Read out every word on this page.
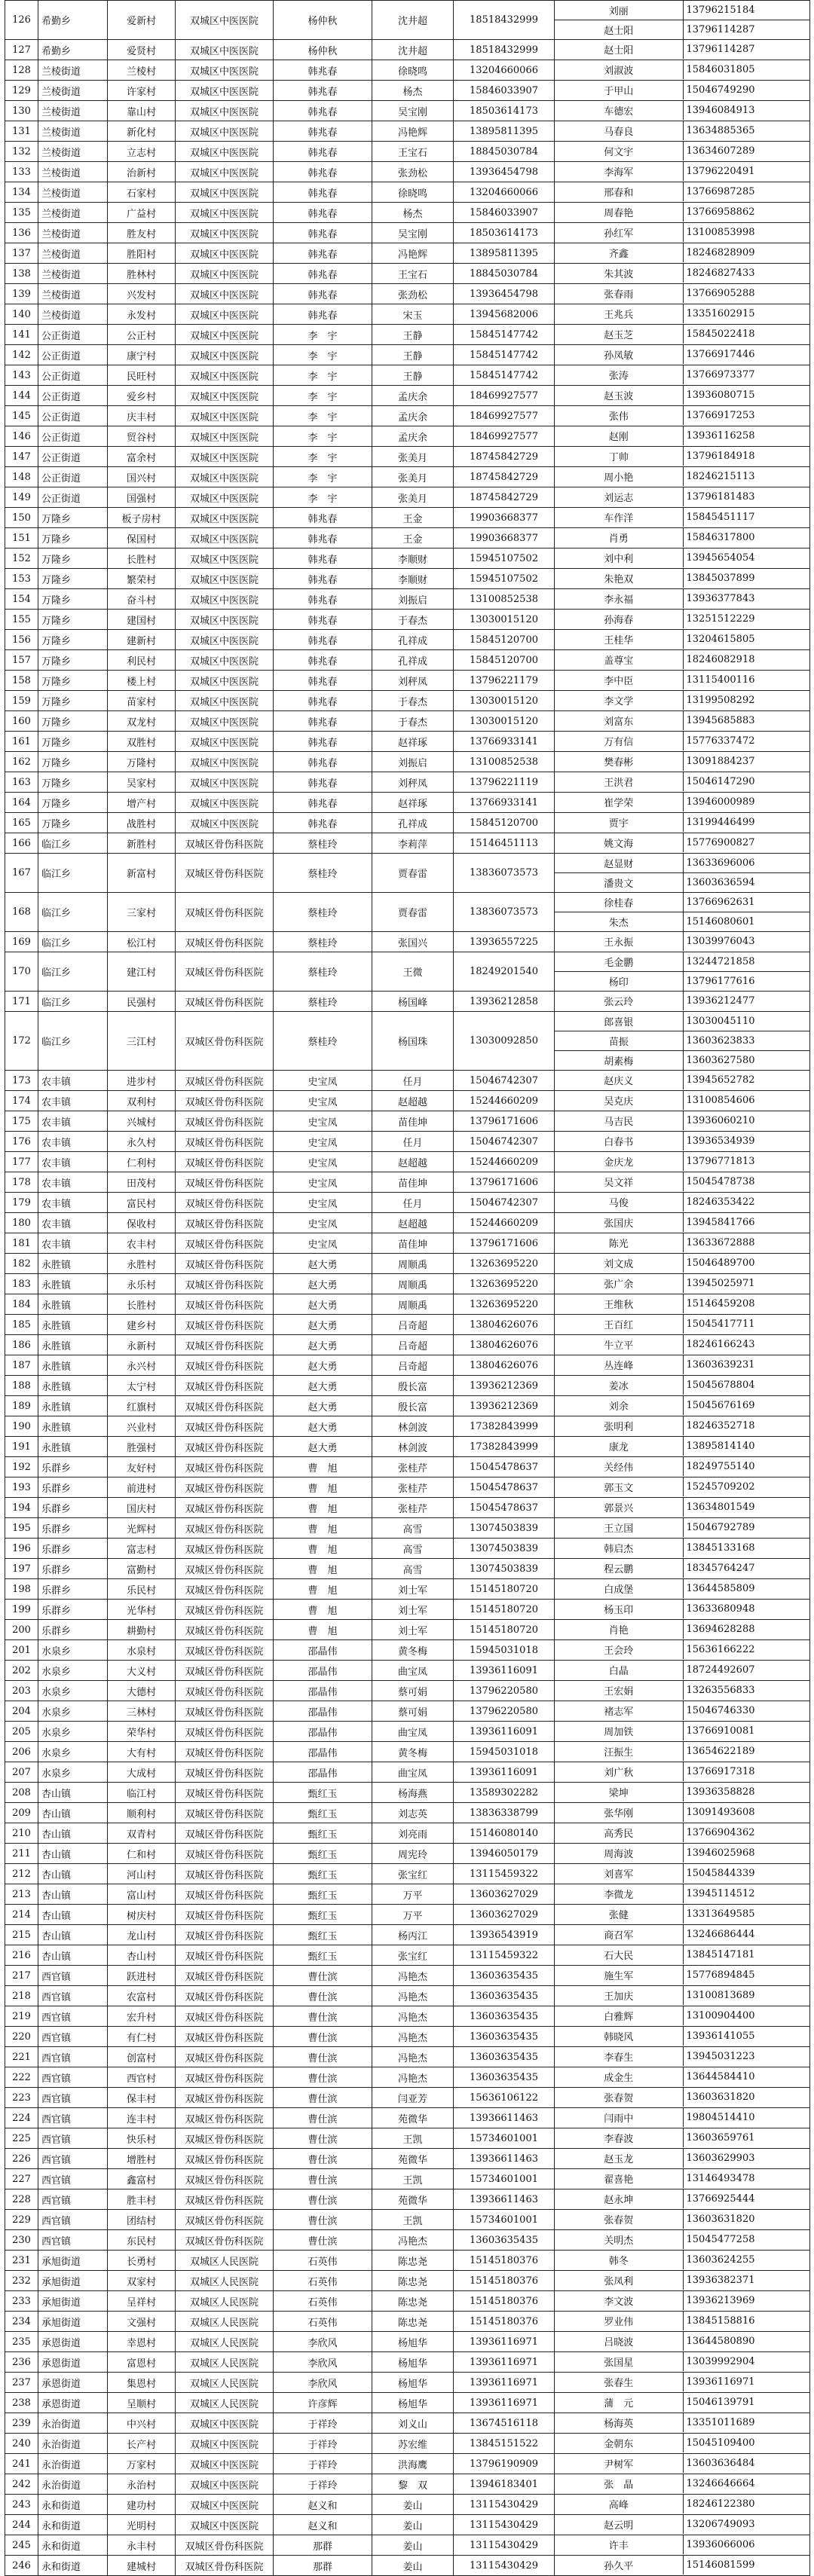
126	希勤乡	爱新村	双城区中医医院	杨仲秋	沈井超	18518432999	
刘丽	13796215184
赵士阳	13796114287

127	希勤乡	爱贤村	双城区中医医院	杨仲秋	沈井超	18518432999		赵士阳	13796114287

128	兰棱街道	兰棱村	双城区中医医院	韩兆春	徐晓鸣	13204660066		刘淑波	15846031805

129	兰棱街道	许家村	双城区中医医院	韩兆春	杨杰	15846033907		于甲山	15046749290

130	兰棱街道	靠山村	双城区中医医院	韩兆春	吴宝刚	18503614173		车德宏	13946084913

131	兰棱街道	新化村	双城区中医医院	韩兆春	冯艳辉	13895811395		马春良	13634885365

132	兰棱街道	立志村	双城区中医医院	韩兆春	王宝石	18845030784		何文宇	13634607289

133	兰棱街道	治新村	双城区中医医院	韩兆春	张劲松	13936454798		李海军	13796220491

134	兰棱街道	石家村	双城区中医医院	韩兆春	徐晓鸣	13204660066		邢春和	13766987285

135	兰棱街道	广益村	双城区中医医院	韩兆春	杨杰	15846033907		周春艳	13766958862

136	兰棱街道	胜友村	双城区中医医院	韩兆春	吴宝刚	18503614173		孙红军	13100853998

137	兰棱街道	胜阳村	双城区中医医院	韩兆春	冯艳辉	13895811395		齐鑫	18246828909

138	兰棱街道	胜林村	双城区中医医院	韩兆春	王宝石	18845030784		朱其波	18246827433

139	兰棱街道	兴发村	双城区中医医院	韩兆春	张劲松	13936454798		张春雨	13766905288

140	兰棱街道	永发村	双城区中医医院	韩兆春	宋玉	13945682006		王兆兵	13351602915

141	公正街道	公正村	双城区中医医院	李　宇	王静	15845147742		赵玉芝	15845022418

142	公正街道	康宁村	双城区中医医院	李　宇	王静	15845147742		孙凤敏	13766917446

143	公正街道	民旺村	双城区中医医院	李　宇	王静	15845147742		张涛	13766973377

144	公正街道	爱乡村	双城区中医医院	李　宇	孟庆余	18469927577		赵玉波	13936080715

145	公正街道	庆丰村	双城区中医医院	李　宇	孟庆余	18469927577		张伟	13766917253

146	公正街道	贸谷村	双城区中医医院	李　宇	孟庆余	18469927577		赵刚	13936116258

147	公正街道	富余村	双城区中医医院	李　宇	张美月	18745842729		丁帅	13796184918

148	公正街道	国兴村	双城区中医医院	李　宇	张美月	18745842729		周小艳	18246215113

149	公正街道	国强村	双城区中医医院	李　宇	张美月	18745842729		刘运志	13796181483

150	万隆乡	板子房村	双城区中医医院	韩兆春	王金	19903668377		车作洋	15845451117

151	万隆乡	保国村	双城区中医医院	韩兆春	王金	19903668377		肖勇	15846317800

152	万隆乡	长胜村	双城区中医医院	韩兆春	李顺财	15945107502		刘中利	13945654054

153	万隆乡	繁荣村	双城区中医医院	韩兆春	李顺财	15945107502		朱艳双	13845037899

154	万隆乡	奋斗村	双城区中医医院	韩兆春	刘振启	13100852538		李永福	13936377843

155	万隆乡	建国村	双城区中医医院	韩兆春	于春杰	13030015120		孙海春	13251512229

156	万隆乡	建新村	双城区中医医院	韩兆春	孔祥成	15845120700		王桂华	13204615805

157	万隆乡	利民村	双城区中医医院	韩兆春	孔祥成	15845120700		盖尊宝	18246082918

158	万隆乡	楼上村	双城区中医医院	韩兆春	刘秤凤	13796221179		李中臣	13115400116

159	万隆乡	苗家村	双城区中医医院	韩兆春	于春杰	13030015120		李文学	13199508292

160	万隆乡	双龙村	双城区中医医院	韩兆春	于春杰	13030015120		刘富东	13945685883

161	万隆乡	双胜村	双城区中医医院	韩兆春	赵祥琢	13766933141		万有信	15776337472

162	万隆乡	万隆村	双城区中医医院	韩兆春	刘振启	13100852538		樊春彬	13091884237

163	万隆乡	吴家村	双城区中医医院	韩兆春	刘秤凤	13796221119		王洪君	15046147290

164	万隆乡	增产村	双城区中医医院	韩兆春	赵祥琢	13766933141		崔学荣	13946000989

165	万隆乡	战胜村	双城区中医医院	韩兆春	孔祥成	15845120700		贾宇	13199446499

166	临江乡	新胜村	双城区骨伤科医院	蔡桂玲	李莉萍	15146451113		姚文海	15776900827

167	临江乡	新富村	双城区骨伤科医院	蔡桂玲	贾春雷	13836073573	
赵显财	13633696006
潘贵文	13603636594

168	临江乡	三家村	双城区骨伤科医院	蔡桂玲	贾春雷	13836073573	
徐桂春	13766962631
朱杰	15146080601

169	临江乡	松江村	双城区骨伤科医院	蔡桂玲	张国兴	13936557225		王永振	13039976043

170	临江乡	建江村	双城区骨伤科医院	蔡桂玲	王微	18249201540	
毛金鹏	13244721858
杨印	13796177616

171	临江乡	民强村	双城区骨伤科医院	蔡桂玲	杨国峰	13936212858		张云玲	13936212477

172	临江乡	三江村	双城区骨伤科医院	蔡桂玲	杨国珠	13030092850	
郎喜银	13030045110
苗振	13603623833
胡素梅	13603627580

173	农丰镇	进步村	双城区骨伤科医院	史宝凤	任月	15046742307		赵庆义	13945652782

174	农丰镇	双利村	双城区骨伤科医院	史宝凤	赵超越	15244660209		吴克庆	13100854606

175	农丰镇	兴城村	双城区骨伤科医院	史宝凤	苗佳坤	13796171606		马吉民	13936060210

176	农丰镇	永久村	双城区骨伤科医院	史宝凤	任月	15046742307		白春书	13936534939

177	农丰镇	仁利村	双城区骨伤科医院	史宝凤	赵超越	15244660209		金庆龙	13796771813

178	农丰镇	田茂村	双城区骨伤科医院	史宝凤	苗佳坤	13796171606		吴文祥	15045478738

179	农丰镇	富民村	双城区骨伤科医院	史宝凤	任月	15046742307		马俊	18246353422

180	农丰镇	保收村	双城区骨伤科医院	史宝凤	赵超越	15244660209		张国庆	13945841766

181	农丰镇	农丰村	双城区骨伤科医院	史宝凤	苗佳坤	13796171606		陈光	13633672888

182	永胜镇	永胜村	双城区骨伤科医院	赵大勇	周顺禹	13263695220		刘文成	15046489700

183	永胜镇	永乐村	双城区骨伤科医院	赵大勇	周顺禹	13263695220		张广余	13945025971

184	永胜镇	长胜村	双城区骨伤科医院	赵大勇	周顺禹	13263695220		王维秋	15146459208

185	永胜镇	建乡村	双城区骨伤科医院	赵大勇	吕奇超	13804626076		王百红	15045417711

186	永胜镇	永新村	双城区骨伤科医院	赵大勇	吕奇超	13804626076		牛立平	18246166243

187	永胜镇	永兴村	双城区骨伤科医院	赵大勇	吕奇超	13804626076		丛连峰	13603639231

188	永胜镇	太宁村	双城区骨伤科医院	赵大勇	殷长富	13936212369		姜冰	15045678804

189	永胜镇	红旗村	双城区骨伤科医院	赵大勇	殷长富	13936212369		刘余	15045676169

190	永胜镇	兴业村	双城区骨伤科医院	赵大勇	林剑波	17382843999		张明利	18246352718

191	永胜镇	胜强村	双城区骨伤科医院	赵大勇	林剑波	17382843999		康龙	13895814140

192	乐群乡	友好村	双城区骨伤科医院	曹　旭	张桂芹	15045478637		关经伟	18249755140

193	乐群乡	前进村	双城区骨伤科医院	曹　旭	张桂芹	15045478637		郭玉文	15245709202

194	乐群乡	国庆村	双城区骨伤科医院	曹　旭	张桂芹	15045478637		郭景兴	13634801549

195	乐群乡	光辉村	双城区骨伤科医院	曹　旭	高雪	13074503839		王立国	15046792789

196	乐群乡	富志村	双城区骨伤科医院	曹　旭	高雪	13074503839		韩启杰	13845133168

197	乐群乡	富勤村	双城区骨伤科医院	曹　旭	高雪	13074503839		程云鹏	18345764247

198	乐群乡	乐民村	双城区骨伤科医院	曹　旭	刘士军	15145180720		白成堡	13644585809

199	乐群乡	光华村	双城区骨伤科医院	曹　旭	刘士军	15145180720		杨玉印	13633680948

200	乐群乡	耕勤村	双城区骨伤科医院	曹　旭	刘士军	15145180720		肖艳	13694628288

201	水泉乡	水泉村	双城区骨伤科医院	邵晶伟	黄冬梅	15945031018		王会玲	15636166222

202	水泉乡	大义村	双城区骨伤科医院	邵晶伟	曲宝凤	13936116091		白晶	18724492607

203	水泉乡	大德村	双城区骨伤科医院	邵晶伟	蔡可娟	13796220580		王宏娟	13263556833

204	水泉乡	三林村	双城区骨伤科医院	邵晶伟	蔡可娟	13796220580		褚志军	15046746330

205	水泉乡	荣华村	双城区骨伤科医院	邵晶伟	曲宝凤	13936116091		周加铁	13766910081

206	水泉乡	大有村	双城区骨伤科医院	邵晶伟	黄冬梅	15945031018		汪振生	13654622189

207	水泉乡	大成村	双城区骨伤科医院	邵晶伟	曲宝凤	13936116091		刘广秋	13766917318

208	杏山镇	临江村	双城区骨伤科医院	甄红玉	杨海燕	13589302282		梁坤	13936358828

209	杏山镇	顺利村	双城区骨伤科医院	甄红玉	刘志英	13836338799		张华刚	13091493608

210	杏山镇	双青村	双城区骨伤科医院	甄红玉	刘亮雨	15146080140		高秀民	13766904362

211	杏山镇	仁和村	双城区骨伤科医院	甄红玉	周宪玲	13946050179		周海波	13946025968

212	杏山镇	河山村	双城区骨伤科医院	甄红玉	张宝红	13115459322		刘喜军	15045844339

213	杏山镇	富山村	双城区骨伤科医院	甄红玉	万平	13603627029		李微龙	13945114512

214	杏山镇	树庆村	双城区骨伤科医院	甄红玉	万平	13603627029		张健	13313649585

215	杏山镇	龙山村	双城区骨伤科医院	甄红玉	杨丙江	13936543919		商召军	13246686444

216	杏山镇	杏山村	双城区骨伤科医院	甄红玉	张宝红	13115459322		石大民	13845147181

217	西官镇	跃进村	双城区骨伤科医院	曹仕滨	冯艳杰	13603635435		施生军	15776894845

218	西官镇	农富村	双城区骨伤科医院	曹仕滨	冯艳杰	13603635435		王加庆	13100813689

219	西官镇	宏升村	双城区骨伤科医院	曹仕滨	冯艳杰	13603635435		白雅辉	13100904400

220	西官镇	有仁村	双城区骨伤科医院	曹仕滨	冯艳杰	13603635435		韩晓风	13936141055

221	西官镇	创富村	双城区骨伤科医院	曹仕滨	冯艳杰	13603635435		李春生	13945031223

222	西官镇	西官村	双城区骨伤科医院	曹仕滨	冯艳杰	13603635435		成金生	13644584410

223	西官镇	保丰村	双城区骨伤科医院	曹仕滨	闫亚芳	15636106122		张春贺	13603631820

224	西官镇	连丰村	双城区骨伤科医院	曹仕滨	苑微华	13936611463		闫雨中	19804514410

225	西官镇	快乐村	双城区骨伤科医院	曹仕滨	王凯	15734601001		李春波	13603659761

226	西官镇	增胜村	双城区骨伤科医院	曹仕滨	苑微华	13936611463		赵玉龙	13603629903

227	西官镇	鑫富村	双城区骨伤科医院	曹仕滨	王凯	15734601001		翟喜艳	13146493478

228	西官镇	胜丰村	双城区骨伤科医院	曹仕滨	苑微华	13936611463		赵永坤	13766925444

229	西官镇	团结村	双城区骨伤科医院	曹仕滨	王凯	15734601001		张春贺	13603631820

230	西官镇	东民村	双城区骨伤科医院	曹仕滨	冯艳杰	13603635435		关明杰	15045477258

231	承旭街道	长勇村	双城区人民医院	石英伟	陈忠尧	15145180376		韩冬	13603624255

232	承旭街道	双家村	双城区人民医院	石英伟	陈忠尧	15145180376		张凤利	13936382371

233	承旭街道	呈祥村	双城区人民医院	石英伟	陈忠尧	15145180376		李文波	13936213969

234	承旭街道	文强村	双城区人民医院	石英伟	陈忠尧	15145180376		罗业伟	13845158816

235	承恩街道	幸恩村	双城区人民医院	李欣风	杨旭华	13936116971		吕晓波	13644580890

236	承恩街道	富恩村	双城区人民医院	李欣风	杨旭华	13936116971		张国星	13039992904

237	承恩街道	集恩村	双城区人民医院	李欣风	杨旭华	13936116971		张春生	13936116971

238	承恩街道	呈顺村	双城区人民医院	许彦辉	杨旭华	13936116971		蒲　元	15046139791

239	永治街道	中兴村	双城区中医医院	于祥玲	刘义山	13674516118		杨海英	13351011689

240	永治街道	长产村	双城区中医医院	于祥玲	苏宏维	13845151522		金朝东	15045109400

241	永治街道	万家村	双城区中医医院	于祥玲	洪海鹰	13796190909		尹树军	13603636484

242	永治街道	永治村	双城区中医医院	于祥玲	黎　双	13946183401		张　晶	13246646664

243	永和街道	建功村	双城区中医医院	赵义和	姜山	13115430429		高峰	18246122380

244	永和街道	光明村	双城区中医医院	赵义和	姜山	13115430429		赵云明	13206749093

245	永和街道	永丰村	双城区骨伤科医院	那群	姜山	13115430429		许丰	13936066006

246	永和街道	建城村	双城区骨伤科医院	那群	姜山	13115430429		孙久平	15146081599
